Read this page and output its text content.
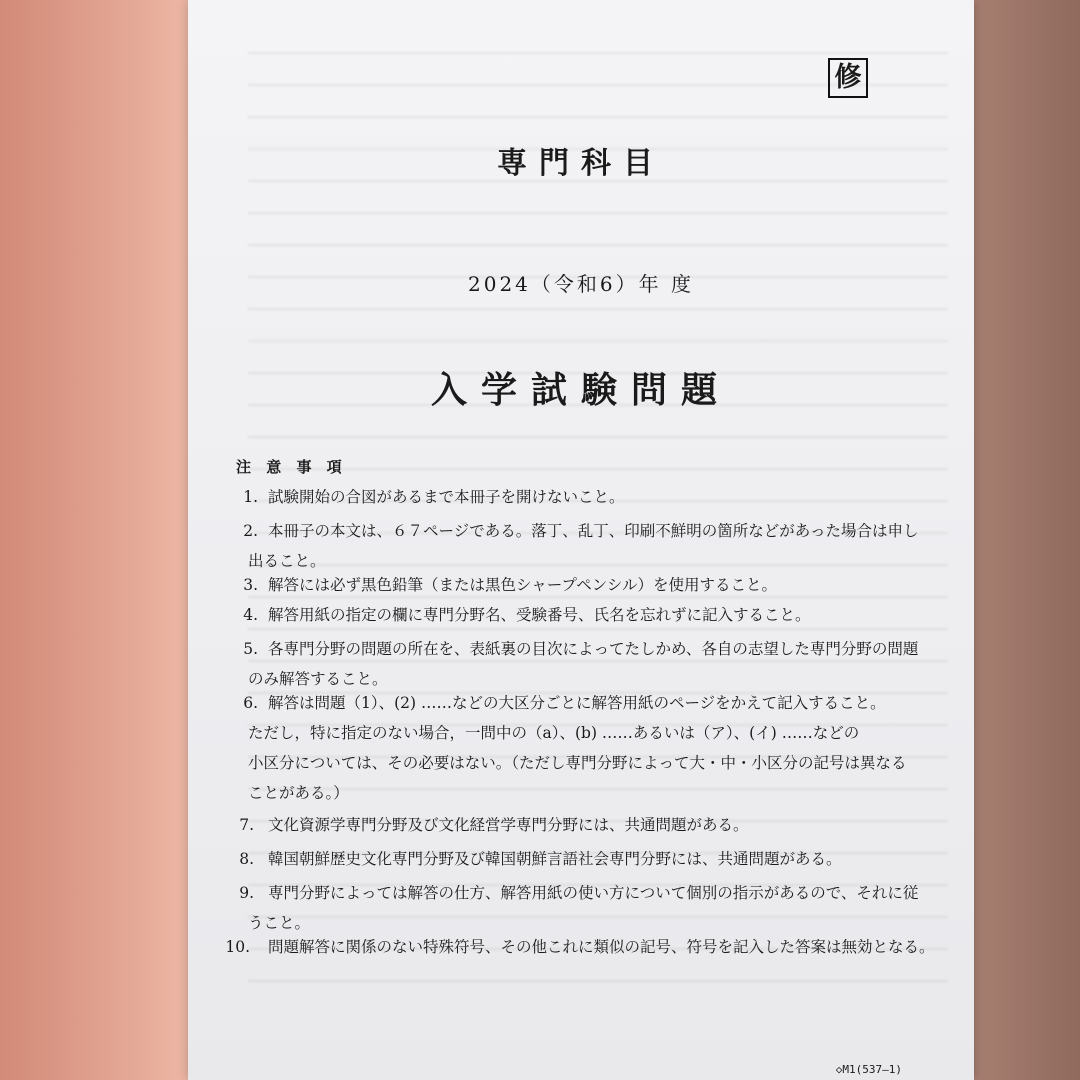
修
専門科目
2024（令和6）年 度
入学試験問題
注 意 事 項
1. 試験開始の合図があるまで本冊子を開けないこと。
2. 本冊子の本文は、６７ページである。落丁、乱丁、印刷不鮮明の箇所などがあった場合は申し
出ること。
3. 解答には必ず黒色鉛筆（または黒色シャープペンシル）を使用すること。
4. 解答用紙の指定の欄に専門分野名、受験番号、氏名を忘れずに記入すること。
5. 各専門分野の問題の所在を、表紙裏の目次によってたしかめ、各自の志望した専門分野の問題
のみ解答すること。
6. 解答は問題（1）、(2) ……などの大区分ごとに解答用紙のページをかえて記入すること。
ただし，特に指定のない場合，一問中の（a）、(b) ……あるいは（ア）、(イ) ……などの
小区分については、その必要はない。（ただし専門分野によって大・中・小区分の記号は異なる
ことがある。）
7. 文化資源学専門分野及び文化経営学専門分野には、共通問題がある。
8. 韓国朝鮮歴史文化専門分野及び韓国朝鮮言語社会専門分野には、共通問題がある。
9. 専門分野によっては解答の仕方、解答用紙の使い方について個別の指示があるので、それに従
うこと。
10. 問題解答に関係のない特殊符号、その他これに類似の記号、符号を記入した答案は無効となる。
◇M1(537—1)
